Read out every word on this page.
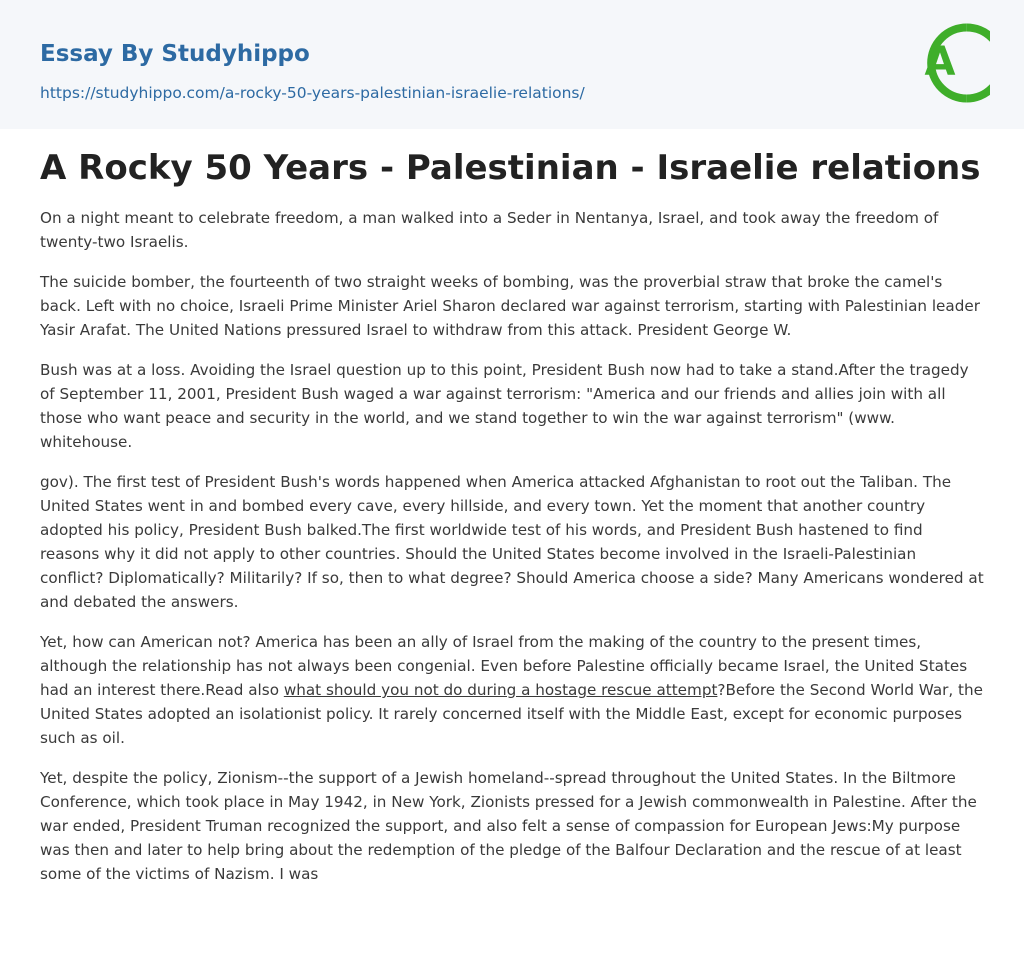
Essay By Studyhippo
https://studyhippo.com/a-rocky-50-years-palestinian-israelie-relations/
A
A Rocky 50 Years - Palestinian - Israelie relations

On a night meant to celebrate freedom, a man walked into a Seder in Nentanya, Israel, and took away the freedom of twenty-two Israelis.

The suicide bomber, the fourteenth of two straight weeks of bombing, was the proverbial straw that broke the camel's back. Left with no choice, Israeli Prime Minister Ariel Sharon declared war against terrorism, starting with Palestinian leader Yasir Arafat. The United Nations pressured Israel to withdraw from this attack. President George W.

Bush was at a loss. Avoiding the Israel question up to this point, President Bush now had to take a stand.After the tragedy of September 11, 2001, President Bush waged a war against terrorism: "America and our friends and allies join with all those who want peace and security in the world, and we stand together to win the war against terrorism" (www. whitehouse.

gov). The first test of President Bush's words happened when America attacked Afghanistan to root out the Taliban. The United States went in and bombed every cave, every hillside, and every town. Yet the moment that another country adopted his policy, President Bush balked.The first worldwide test of his words, and President Bush hastened to find reasons why it did not apply to other countries. Should the United States become involved in the Israeli-Palestinian conflict? Diplomatically? Militarily? If so, then to what degree? Should America choose a side? Many Americans wondered at and debated the answers.

Yet, how can American not? America has been an ally of Israel from the making of the country to the present times, although the relationship has not always been congenial. Even before Palestine officially became Israel, the United States had an interest there.Read also what should you not do during a hostage rescue attempt?Before the Second World War, the United States adopted an isolationist policy. It rarely concerned itself with the Middle East, except for economic purposes such as oil.

Yet, despite the policy, Zionism--the support of a Jewish homeland--spread throughout the United States. In the Biltmore Conference, which took place in May 1942, in New York, Zionists pressed for a Jewish commonwealth in Palestine. After the war ended, President Truman recognized the support, and also felt a sense of compassion for European Jews:My purpose was then and later to help bring about the redemption of the pledge of the Balfour Declaration and the rescue of at least some of the victims of Nazism. I was
